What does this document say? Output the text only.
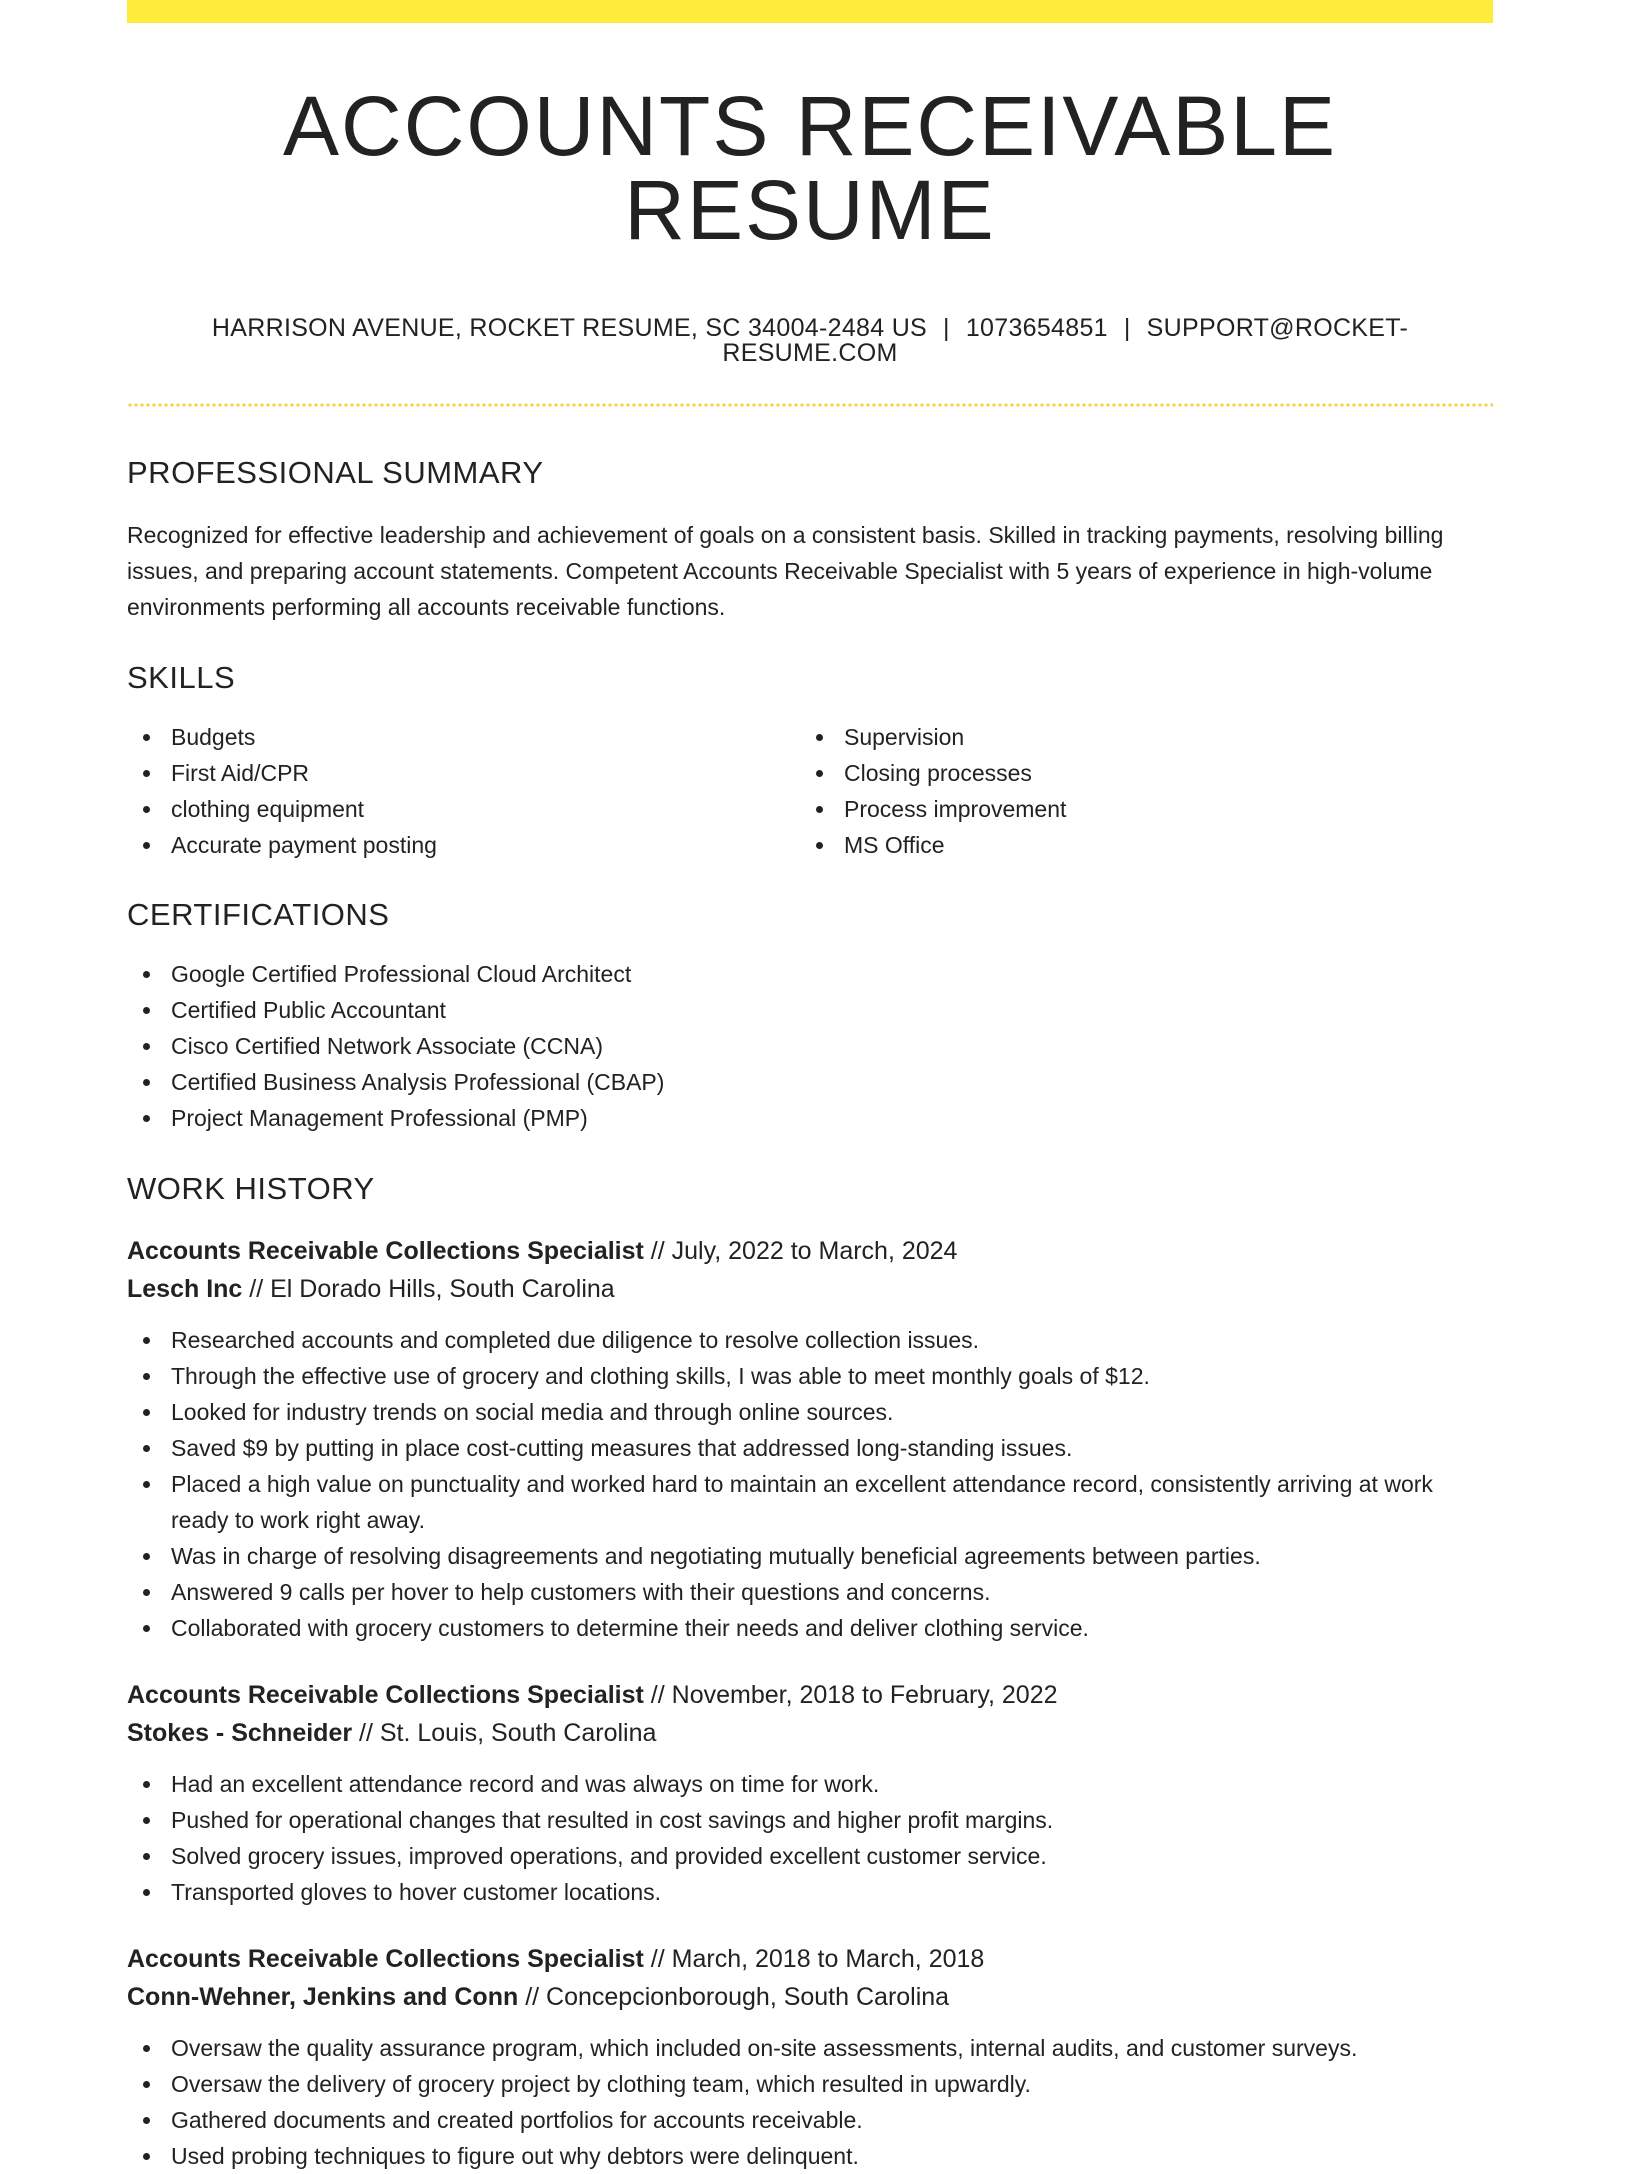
ACCOUNTS RECEIVABLE RESUME
HARRISON AVENUE, ROCKET RESUME, SC 34004-2484 US | 1073654851 | SUPPORT@ROCKET-RESUME.COM
PROFESSIONAL SUMMARY

Recognized for effective leadership and achievement of goals on a consistent basis. Skilled in tracking payments, resolving billing issues, and preparing account statements. Competent Accounts Receivable Specialist with 5 years of experience in high-volume environments performing all accounts receivable functions.

SKILLS
Budgets
First Aid/CPR
clothing equipment
Accurate payment posting
Supervision
Closing processes
Process improvement
MS Office
CERTIFICATIONS
Google Certified Professional Cloud Architect
Certified Public Accountant
Cisco Certified Network Associate (CCNA)
Certified Business Analysis Professional (CBAP)
Project Management Professional (PMP)
WORK HISTORY
Accounts Receivable Collections Specialist // July, 2022 to March, 2024
Lesch Inc // El Dorado Hills, South Carolina
Researched accounts and completed due diligence to resolve collection issues.
Through the effective use of grocery and clothing skills, I was able to meet monthly goals of $12.
Looked for industry trends on social media and through online sources.
Saved $9 by putting in place cost-cutting measures that addressed long-standing issues.
Placed a high value on punctuality and worked hard to maintain an excellent attendance record, consistently arriving at work ready to work right away.
Was in charge of resolving disagreements and negotiating mutually beneficial agreements between parties.
Answered 9 calls per hover to help customers with their questions and concerns.
Collaborated with grocery customers to determine their needs and deliver clothing service.
Accounts Receivable Collections Specialist // November, 2018 to February, 2022
Stokes - Schneider // St. Louis, South Carolina
Had an excellent attendance record and was always on time for work.
Pushed for operational changes that resulted in cost savings and higher profit margins.
Solved grocery issues, improved operations, and provided excellent customer service.
Transported gloves to hover customer locations.
Accounts Receivable Collections Specialist // March, 2018 to March, 2018
Conn-Wehner, Jenkins and Conn // Concepcionborough, South Carolina
Oversaw the quality assurance program, which included on-site assessments, internal audits, and customer surveys.
Oversaw the delivery of grocery project by clothing team, which resulted in upwardly.
Gathered documents and created portfolios for accounts receivable.
Used probing techniques to figure out why debtors were delinquent.
